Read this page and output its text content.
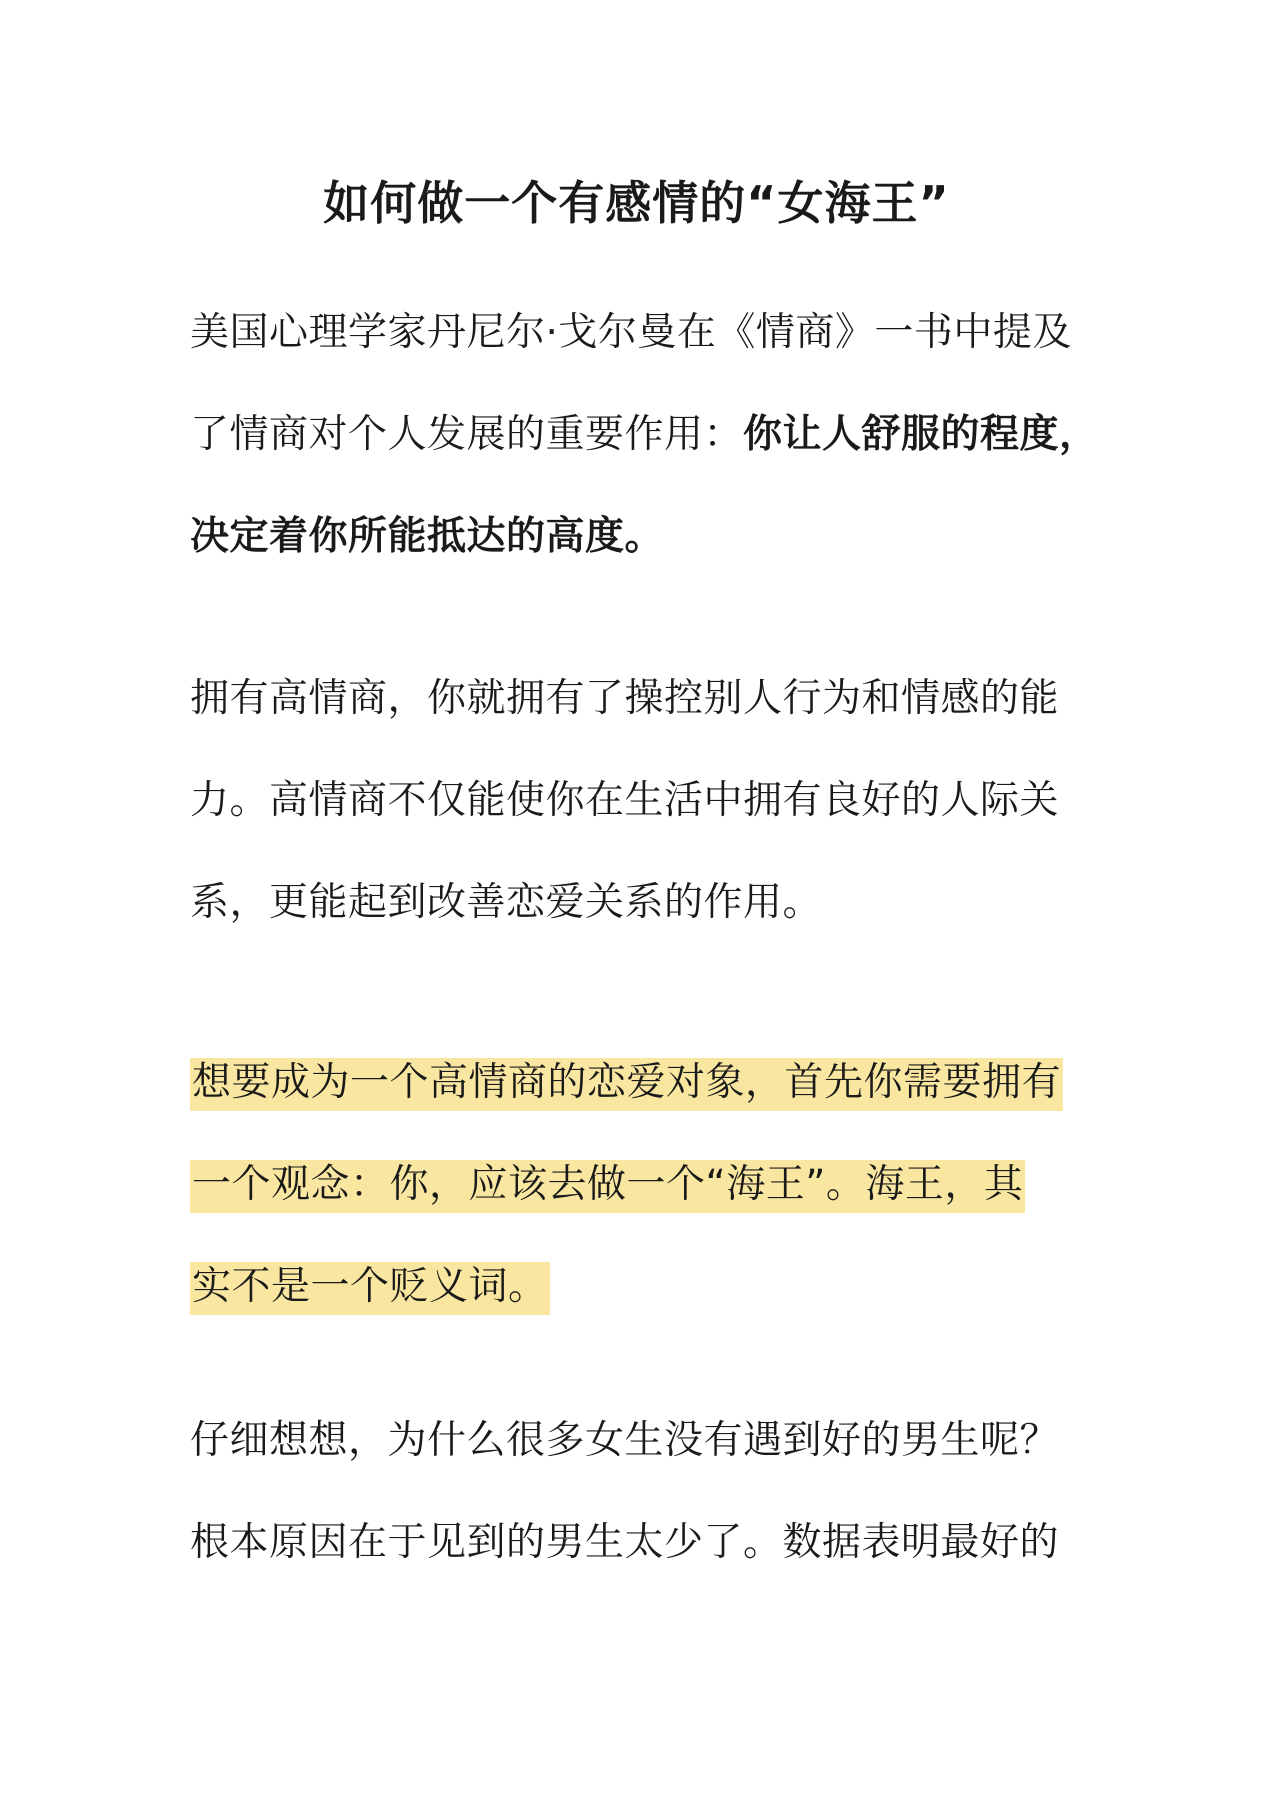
如何做一个有感情的“女海王”
美国心理学家丹尼尔·戈尔曼在《情商》一书中提及
了情商对个人发展的重要作用：你让人舒服的程度，
决定着你所能抵达的高度。
拥有高情商，你就拥有了操控别人行为和情感的能
力。高情商不仅能使你在生活中拥有良好的人际关
系，更能起到改善恋爱关系的作用。
想要成为一个高情商的恋爱对象，首先你需要拥有
一个观念：你，应该去做一个“海王”。海王，其
实不是一个贬义词。
仔细想想，为什么很多女生没有遇到好的男生呢？
根本原因在于见到的男生太少了。数据表明最好的
